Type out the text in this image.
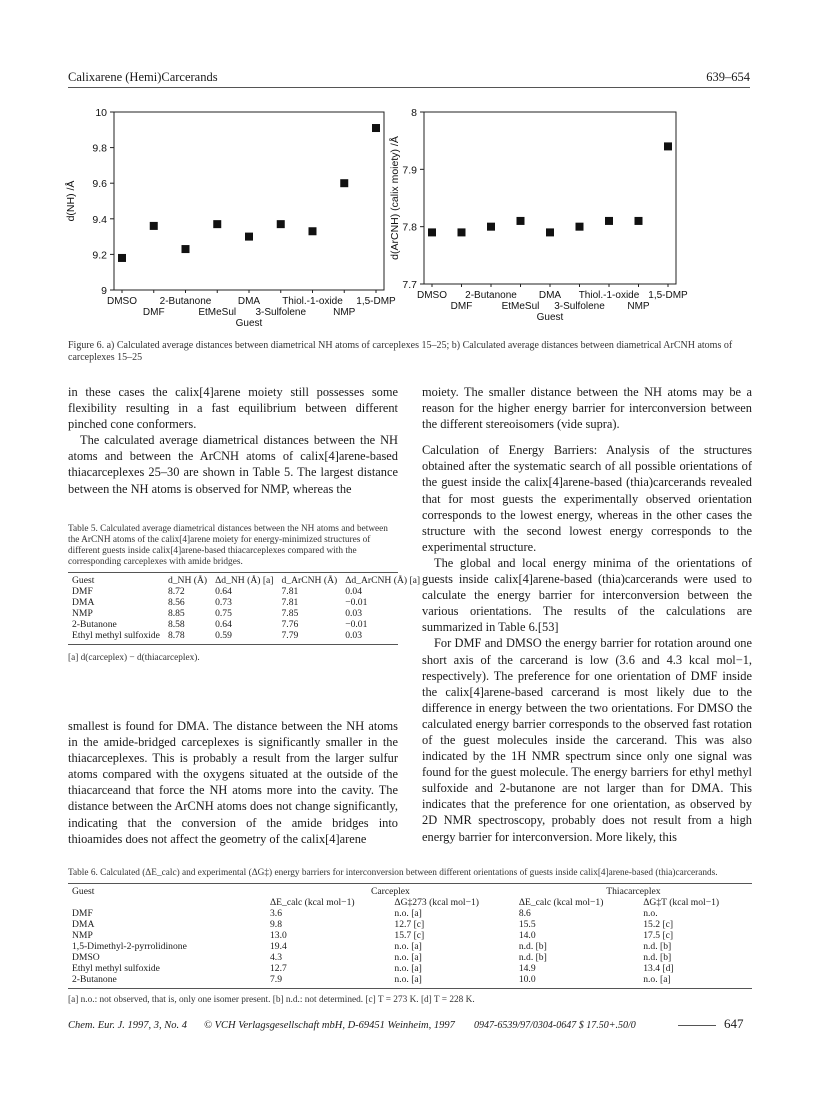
Calixarene (Hemi)Carcerands	639–654
9
9.2
9.4
9.6
9.8
10
DMSO
DMF
2-Butanone
EtMeSul
DMA
3-Sulfolene
Thiol.-1-oxide
NMP
1,5-DMP
Guest
d(NH) /Å
7.7
7.8
7.9
8
DMSO
DMF
2-Butanone
EtMeSul
DMA
3-Sulfolene
Thiol.-1-oxide
NMP
1,5-DMP
Guest
d(ArCNH) (calix moiety) /Å
Figure 6. a) Calculated average distances between diametrical NH atoms of carceplexes 15–25; b) Calculated average distances between diametrical ArCNH atoms of carceplexes 15–25

in these cases the calix[4]arene moiety still possesses some flexibility resulting in a fast equilibrium between different pinched cone conformers.

The calculated average diametrical distances between the NH atoms and between the ArCNH atoms of calix[4]arene-based thiacarceplexes 25–30 are shown in Table 5. The largest distance between the NH atoms is observed for NMP, whereas the

Table 5. Calculated average diametrical distances between the NH atoms and between the ArCNH atoms of the calix[4]arene moiety for energy-minimized structures of different guests inside calix[4]arene-based thiacarceplexes compared with the corresponding carceplexes with amide bridges.
Guest	d_NH (Å)	Δd_NH (Å) [a]	d_ArCNH (Å)	Δd_ArCNH (Å) [a]
DMF	8.72	0.64	7.81	0.04
DMA	8.56	0.73	7.81	−0.01
NMP	8.85	0.75	7.85	0.03
2-Butanone	8.58	0.64	7.76	−0.01
Ethyl methyl sulfoxide	8.78	0.59	7.79	0.03
[a] d(carceplex) − d(thiacarceplex).

smallest is found for DMA. The distance between the NH atoms in the amide-bridged carceplexes is significantly smaller in the thiacarceplexes. This is probably a result from the larger sulfur atoms compared with the oxygens situated at the outside of the thiacarceand that force the NH atoms more into the cavity. The distance between the ArCNH atoms does not change significantly, indicating that the conversion of the amide bridges into thioamides does not affect the geometry of the calix[4]arene

moiety. The smaller distance between the NH atoms may be a reason for the higher energy barrier for interconversion between the different stereoisomers (vide supra).

Calculation of Energy Barriers: Analysis of the structures obtained after the systematic search of all possible orientations of the guest inside the calix[4]arene-based (thia)carcerands revealed that for most guests the experimentally observed orientation corresponds to the lowest energy, whereas in the other cases the structure with the second lowest energy corresponds to the experimental structure.

The global and local energy minima of the orientations of guests inside calix[4]arene-based (thia)carcerands were used to calculate the energy barrier for interconversion between the various orientations. The results of the calculations are summarized in Table 6.[53]

For DMF and DMSO the energy barrier for rotation around one short axis of the carcerand is low (3.6 and 4.3 kcal mol−1, respectively). The preference for one orientation of DMF inside the calix[4]arene-based carcerand is most likely due to the difference in energy between the two orientations. For DMSO the calculated energy barrier corresponds to the observed fast rotation of the guest molecules inside the carcerand. This was also indicated by the 1H NMR spectrum since only one signal was found for the guest molecule. The energy barriers for ethyl methyl sulfoxide and 2-butanone are not larger than for DMA. This indicates that the preference for one orientation, as observed by 2D NMR spectroscopy, probably does not result from a high energy barrier for interconversion. More likely, this

Table 6. Calculated (ΔE_calc) and experimental (ΔG‡) energy barriers for interconversion between different orientations of guests inside calix[4]arene-based (thia)carcerands.
Guest	Carceplex		Thiacarceplex	
	ΔE_calc (kcal mol−1)	ΔG‡273 (kcal mol−1)	ΔE_calc (kcal mol−1)	ΔG‡T (kcal mol−1)
DMF	3.6	n.o. [a]	8.6	n.o.
DMA	9.8	12.7 [c]	15.5	15.2 [c]
NMP	13.0	15.7 [c]	14.0	17.5 [c]
1,5-Dimethyl-2-pyrrolidinone	19.4	n.o. [a]	n.d. [b]	n.d. [b]
DMSO	4.3	n.o. [a]	n.d. [b]	n.d. [b]
Ethyl methyl sulfoxide	12.7	n.o. [a]	14.9	13.4 [d]
2-Butanone	7.9	n.o. [a]	10.0	n.o. [a]
[a] n.o.: not observed, that is, only one isomer present. [b] n.d.: not determined. [c] T = 273 K. [d] T = 228 K.
Chem. Eur. J. 1997, 3, No. 4 © VCH Verlagsgesellschaft mbH, D-69451 Weinheim, 1997 0947-6539/97/0304-0647 $ 17.50+.50/0	647
